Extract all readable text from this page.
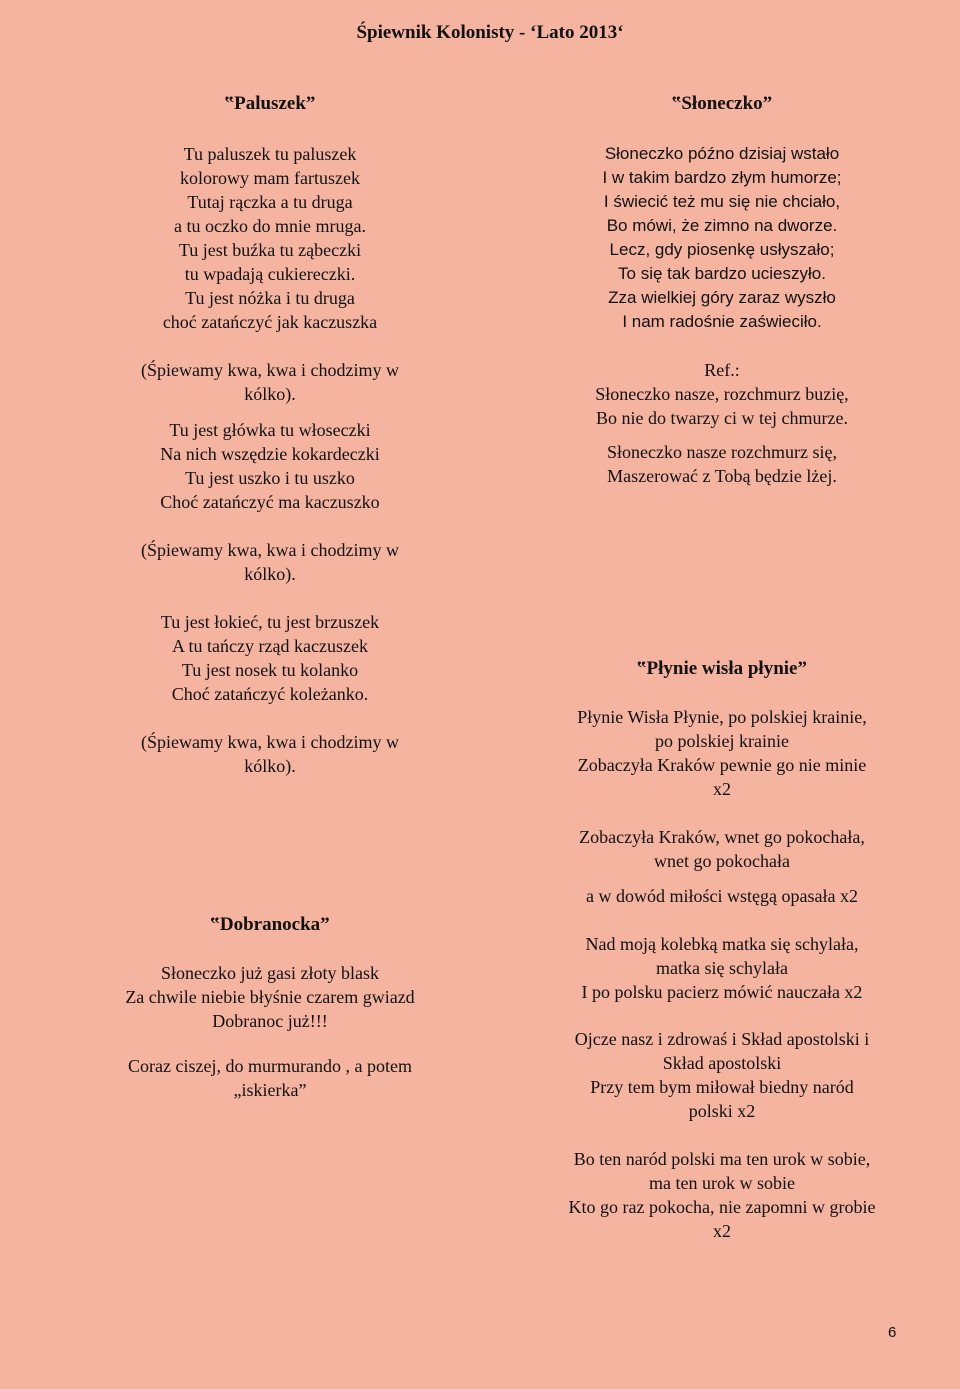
Śpiewnik Kolonisty - ‘Lato 2013‘
‟Paluszek”
Tu paluszek tu paluszek
kolorowy mam fartuszek
Tutaj rączka a tu druga
a tu oczko do mnie mruga.
Tu jest buźka tu ząbeczki
tu wpadają cukiereczki.
Tu jest nóżka i tu druga
choć zatańczyć jak kaczuszka
(Śpiewamy kwa, kwa i chodzimy w
kólko).
Tu jest główka tu włoseczki
Na nich wszędzie kokardeczki
Tu jest uszko i tu uszko
Choć zatańczyć ma kaczuszko
(Śpiewamy kwa, kwa i chodzimy w
kólko).
Tu jest łokieć, tu jest brzuszek
A tu tańczy rząd kaczuszek
Tu jest nosek tu kolanko
Choć zatańczyć koleżanko.
(Śpiewamy kwa, kwa i chodzimy w
kólko).
‟Dobranocka”
Słoneczko już gasi złoty blask
Za chwile niebie błyśnie czarem gwiazd
Dobranoc już!!!
Coraz ciszej, do murmurando , a potem
„iskierka”
‟Słoneczko”
Słoneczko późno dzisiaj wstało
I w takim bardzo złym humorze;
I świecić też mu się nie chciało,
Bo mówi, że zimno na dworze.
Lecz, gdy piosenkę usłyszało;
To się tak bardzo ucieszyło.
Zza wielkiej góry zaraz wyszło
I nam radośnie zaświeciło.
Ref.:
Słoneczko nasze, rozchmurz buzię,
Bo nie do twarzy ci w tej chmurze.
Słoneczko nasze rozchmurz się,
Maszerować z Tobą będzie lżej.
‟Płynie wisła płynie”
Płynie Wisła Płynie, po polskiej krainie,
po polskiej krainie
Zobaczyła Kraków pewnie go nie minie
x2
Zobaczyła Kraków, wnet go pokochała,
wnet go pokochała
a w dowód miłości wstęgą opasała x2
Nad moją kolebką matka się schylała,
matka się schylała
I po polsku pacierz mówić nauczała x2
Ojcze nasz i zdrowaś i Skład apostolski i
Skład apostolski
Przy tem bym miłował biedny naród
polski x2
Bo ten naród polski ma ten urok w sobie,
ma ten urok w sobie
Kto go raz pokocha, nie zapomni w grobie
x2
6
